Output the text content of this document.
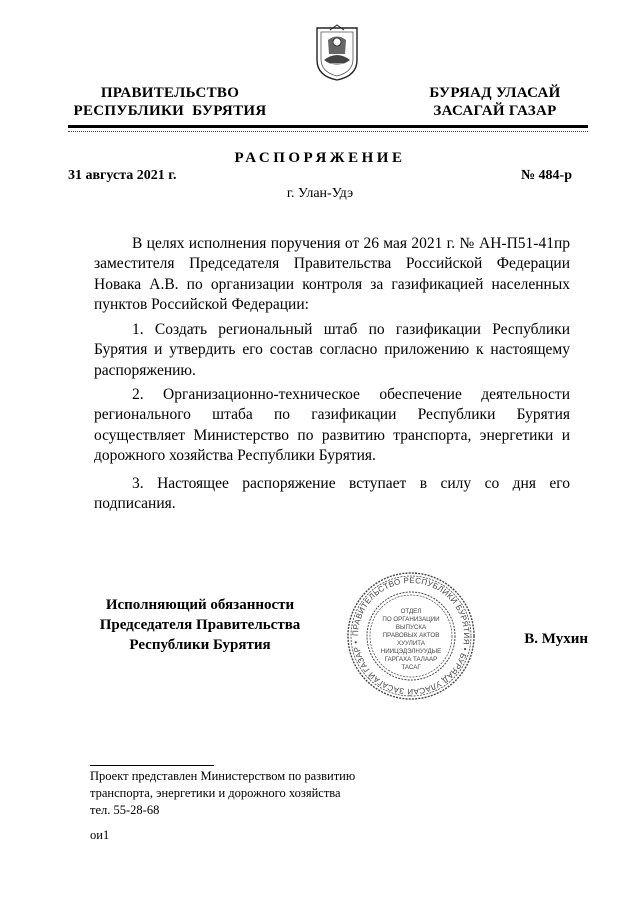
ПРАВИТЕЛЬСТВО
РЕСПУБЛИКИ  БУРЯТИЯ
БУРЯАД УЛАСАЙ
ЗАСАГАЙ ГАЗАР
РАСПОРЯЖЕНИЕ
31 августа 2021 г.	№ 484-р
г. Улан-Удэ
В целях исполнения поручения от 26 мая 2021 г. № АН-П51-41пр заместителя Председателя Правительства Российской Федерации Новака А.В. по организации контроля за газификацией населенных пунктов Российской Федерации:
1. Создать региональный штаб по газификации Республики Бурятия и утвердить его состав согласно приложению к настоящему распоряжению.
2. Организационно-техническое обеспечение деятельности регионального штаба по газификации Республики Бурятия осуществляет Министерство по развитию транспорта, энергетики и дорожного хозяйства Республики Бурятия.
3. Настоящее распоряжение вступает в силу со дня его подписания.
Исполняющий обязанности
Председателя Правительства
Республики Бурятия	В. Мухин
ПРАВИТЕЛЬСТВО РЕСПУБЛИКИ БУРЯТИЯ • БУРЯАД УЛАСАЙ ЗАСАГАЙ ГАЗАР •
ОТДЕЛ
ПО ОРГАНИЗАЦИИ
ВЫПУСКА
ПРАВОВЫХ АКТОВ
ХУУЛИТА
НИИЦЭДЭЛНУУДЫЕ
ГАРГАХА ТАЛААР
ТАСАГ
Проект представлен Министерством по развитию
транспорта, энергетики и дорожного хозяйства
тел. 55-28-68
ои1
